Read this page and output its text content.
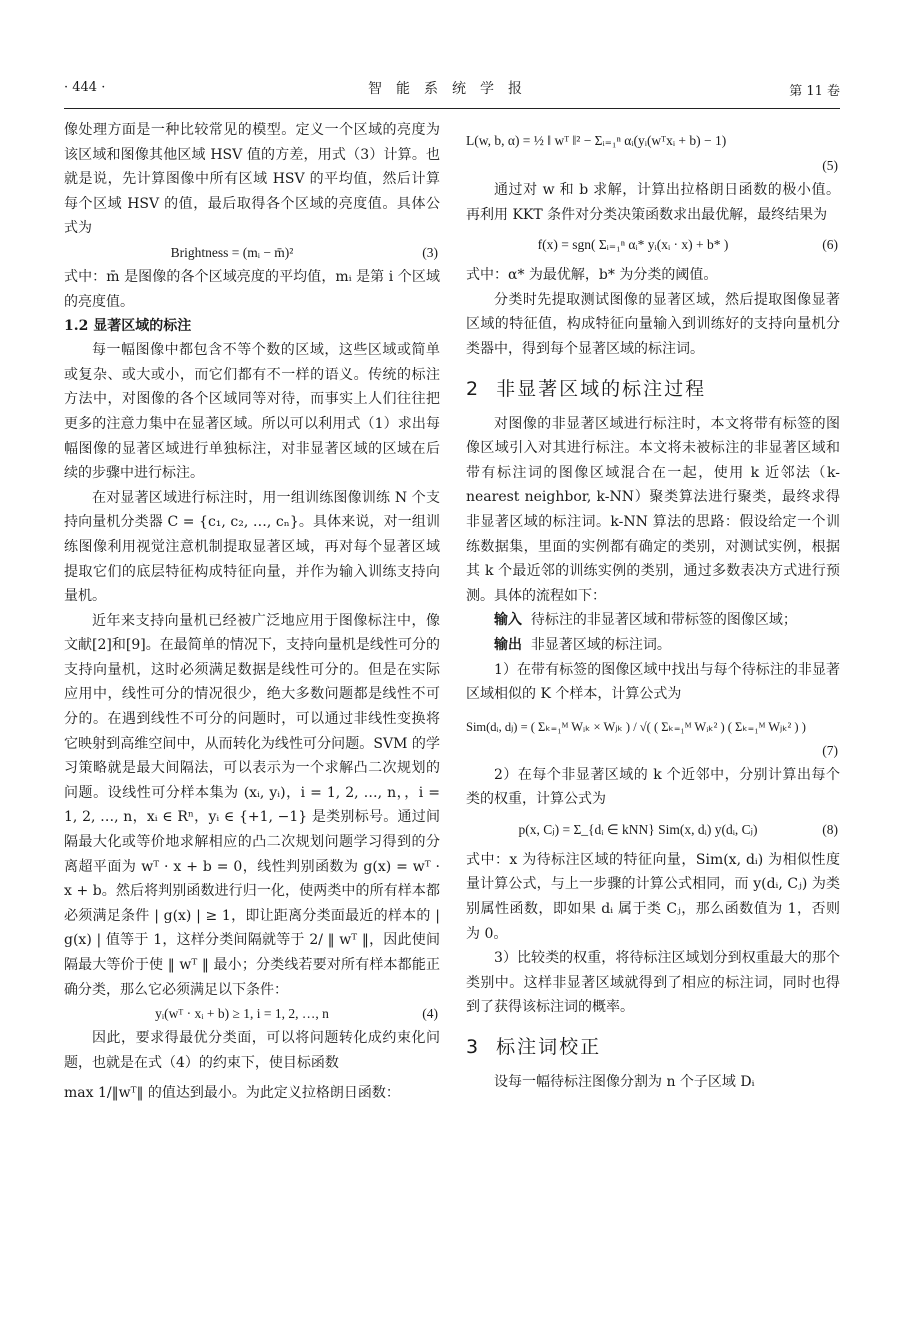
· 444 ·	智能系统学报	第 11 卷

像处理方面是一种比较常见的模型。定义一个区域的亮度为该区域和图像其他区域 HSV 值的方差，用式（3）计算。也就是说，先计算图像中所有区域 HSV 的平均值，然后计算每个区域 HSV 的值，最后取得各个区域的亮度值。具体公式为

Brightness = (mᵢ − m̄)²	(3)

式中：m̄ 是图像的各个区域亮度的平均值，mᵢ 是第 i 个区域的亮度值。

1.2 显著区域的标注

每一幅图像中都包含不等个数的区域，这些区域或简单或复杂、或大或小，而它们都有不一样的语义。传统的标注方法中，对图像的各个区域同等对待，而事实上人们往往把更多的注意力集中在显著区域。所以可以利用式（1）求出每幅图像的显著区域进行单独标注，对非显著区域的区域在后续的步骤中进行标注。

在对显著区域进行标注时，用一组训练图像训练 N 个支持向量机分类器 C = {c₁, c₂, …, cₙ}。具体来说，对一组训练图像利用视觉注意机制提取显著区域，再对每个显著区域提取它们的底层特征构成特征向量，并作为输入训练支持向量机。

近年来支持向量机已经被广泛地应用于图像标注中，像文献[2]和[9]。在最简单的情况下，支持向量机是线性可分的支持向量机，这时必须满足数据是线性可分的。但是在实际应用中，线性可分的情况很少，绝大多数问题都是线性不可分的。在遇到线性不可分的问题时，可以通过非线性变换将它映射到高维空间中，从而转化为线性可分问题。SVM 的学习策略就是最大间隔法，可以表示为一个求解凸二次规划的问题。设线性可分样本集为 (xᵢ, yᵢ)，i = 1, 2, …, n，，i = 1, 2, …, n，xᵢ ∈ Rⁿ，yᵢ ∈ {+1, −1} 是类别标号。通过间隔最大化或等价地求解相应的凸二次规划问题学习得到的分离超平面为 wᵀ · x + b = 0，线性判别函数为 g(x) = wᵀ · x + b。然后将判别函数进行归一化，使两类中的所有样本都必须满足条件 | g(x) | ≥ 1，即让距离分类面最近的样本的 | g(x) | 值等于 1，这样分类间隔就等于 2/ ‖ wᵀ ‖，因此使间隔最大等价于使 ‖ wᵀ ‖ 最小；分类线若要对所有样本都能正确分类，那么它必须满足以下条件：

yᵢ(wᵀ · xᵢ + b) ≥ 1, i = 1, 2, …, n	(4)

因此，要求得最优分类面，可以将问题转化成约束化问题，也就是在式（4）的约束下，使目标函数

max 1/‖wᵀ‖ 的值达到最小。为此定义拉格朗日函数：

L(w, b, α) = ½ ‖ wᵀ ‖² − Σᵢ₌₁ⁿ αᵢ(yᵢ(wᵀxᵢ + b) − 1)
(5)

通过对 w 和 b 求解，计算出拉格朗日函数的极小值。再利用 KKT 条件对分类决策函数求出最优解，最终结果为

f(x) = sgn( Σᵢ₌₁ⁿ αᵢ* yᵢ(xᵢ · x) + b* )	(6)

式中：α* 为最优解，b* 为分类的阈值。

分类时先提取测试图像的显著区域，然后提取图像显著区域的特征值，构成特征向量输入到训练好的支持向量机分类器中，得到每个显著区域的标注词。

2 非显著区域的标注过程

对图像的非显著区域进行标注时，本文将带有标签的图像区域引入对其进行标注。本文将未被标注的非显著区域和带有标注词的图像区域混合在一起，使用 k 近邻法（k-nearest neighbor, k-NN）聚类算法进行聚类，最终求得非显著区域的标注词。k-NN 算法的思路：假设给定一个训练数据集，里面的实例都有确定的类别，对测试实例，根据其 k 个最近邻的训练实例的类别，通过多数表决方式进行预测。具体的流程如下：

输入 待标注的非显著区域和带标签的图像区域；

输出 非显著区域的标注词。

1）在带有标签的图像区域中找出与每个待标注的非显著区域相似的 K 个样本，计算公式为

Sim(dᵢ, dⱼ) = ( Σₖ₌₁ᴹ Wᵢₖ × Wⱼₖ ) / √( ( Σₖ₌₁ᴹ Wᵢₖ² ) ( Σₖ₌₁ᴹ Wⱼₖ² ) )
(7)

2）在每个非显著区域的 k 个近邻中，分别计算出每个类的权重，计算公式为

p(x, Cⱼ) = Σ_{dᵢ ∈ kNN} Sim(x, dᵢ) y(dᵢ, Cⱼ)	(8)

式中：x 为待标注区域的特征向量，Sim(x, dᵢ) 为相似性度量计算公式，与上一步骤的计算公式相同，而 y(dᵢ, Cⱼ) 为类别属性函数，即如果 dᵢ 属于类 Cⱼ，那么函数值为 1，否则为 0。

3）比较类的权重，将待标注区域划分到权重最大的那个类别中。这样非显著区域就得到了相应的标注词，同时也得到了获得该标注词的概率。

3 标注词校正

设每一幅待标注图像分割为 n 个子区域 Dᵢ
